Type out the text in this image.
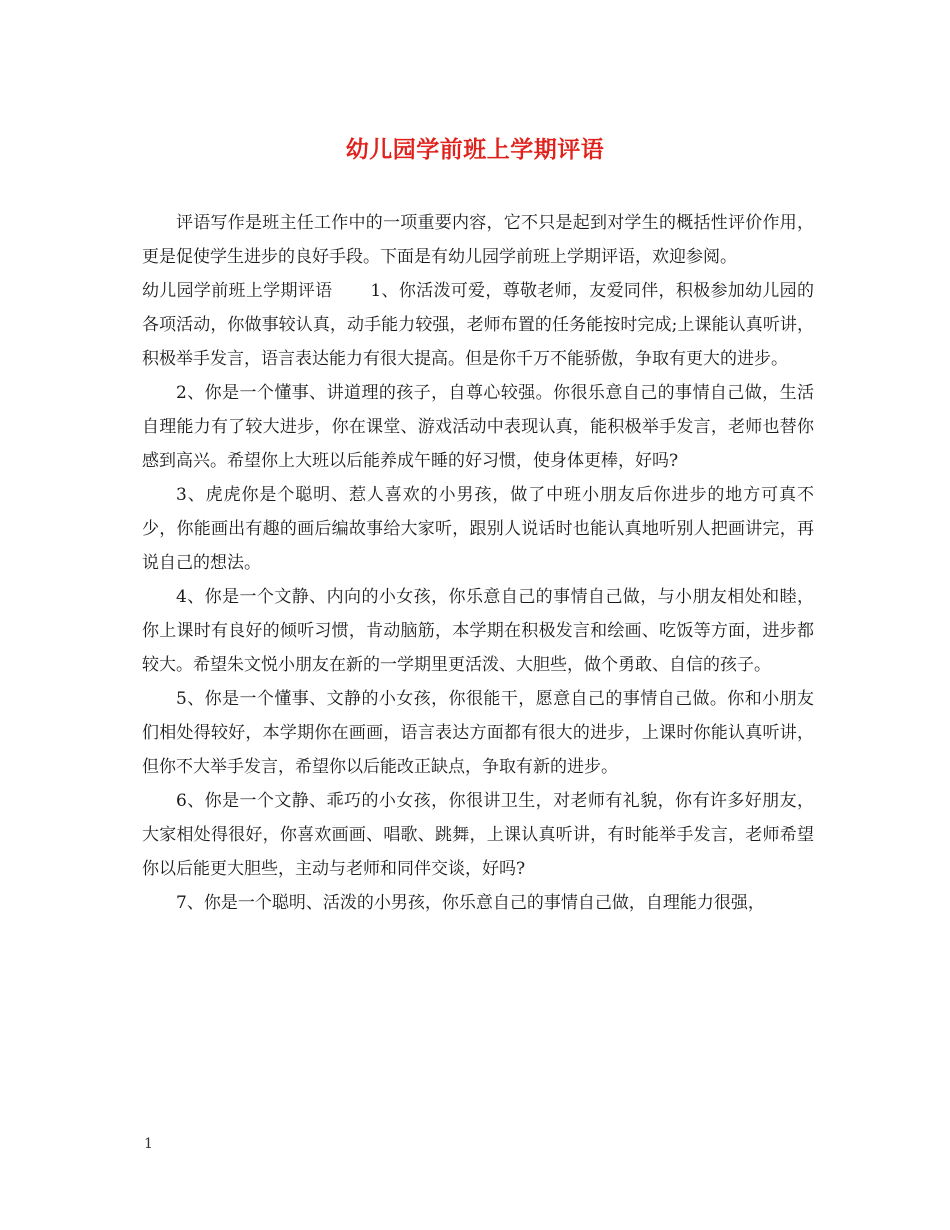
幼儿园学前班上学期评语

评语写作是班主任工作中的一项重要内容，它不只是起到对学生的概括性评价作用，更是促使学生进步的良好手段。下面是有幼儿园学前班上学期评语，欢迎参阅。

幼儿园学前班上学期评语 1、你活泼可爱，尊敬老师，友爱同伴，积极参加幼儿园的各项活动，你做事较认真，动手能力较强，老师布置的任务能按时完成;上课能认真听讲，积极举手发言，语言表达能力有很大提高。但是你千万不能骄傲，争取有更大的进步。

2、你是一个懂事、讲道理的孩子，自尊心较强。你很乐意自己的事情自己做，生活自理能力有了较大进步，你在课堂、游戏活动中表现认真，能积极举手发言，老师也替你感到高兴。希望你上大班以后能养成午睡的好习惯，使身体更棒，好吗?

3、虎虎你是个聪明、惹人喜欢的小男孩，做了中班小朋友后你进步的地方可真不少，你能画出有趣的画后编故事给大家听，跟别人说话时也能认真地听别人把画讲完，再说自己的想法。

4、你是一个文静、内向的小女孩，你乐意自己的事情自己做，与小朋友相处和睦，你上课时有良好的倾听习惯，肯动脑筋，本学期在积极发言和绘画、吃饭等方面，进步都较大。希望朱文悦小朋友在新的一学期里更活泼、大胆些，做个勇敢、自信的孩子。

5、你是一个懂事、文静的小女孩，你很能干，愿意自己的事情自己做。你和小朋友们相处得较好，本学期你在画画，语言表达方面都有很大的进步，上课时你能认真听讲，但你不大举手发言，希望你以后能改正缺点，争取有新的进步。

6、你是一个文静、乖巧的小女孩，你很讲卫生，对老师有礼貌，你有许多好朋友，大家相处得很好，你喜欢画画、唱歌、跳舞，上课认真听讲，有时能举手发言，老师希望你以后能更大胆些，主动与老师和同伴交谈，好吗?

7、你是一个聪明、活泼的小男孩，你乐意自己的事情自己做，自理能力很强，

1
